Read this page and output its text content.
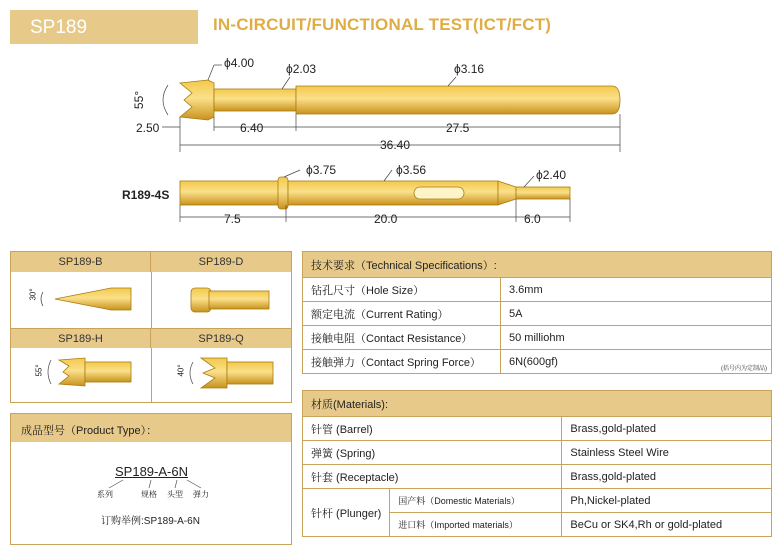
SP189	IN-CIRCUIT/FUNCTIONAL TEST(ICT/FCT)
ϕ4.00	ϕ2.03	ϕ3.16
55°
2.50	6.40	27.5
36.40
ϕ3.75	ϕ3.56	ϕ2.40
R189-4S
7.5	20.0	6.0
SP189-B	SP189-D
SP189-H	SP189-Q
30°
55°	40°
成品型号（Product Type）：
SP189-A-6N
系列	规格 头型 弹力
订购举例:SP189-A-6N
技术要求（Technical Specifications）:	
钻孔尺寸（Hole Size）	3.6mm
额定电流（Current Rating）	5A
接触电阻（Contact Resistance）	50 milliohm
接触弹力（Contact Spring Force）	6N(600gf)
(括号内为定制品)
材质(Materials):		
针管 (Barrel)		Brass,gold-plated
弹簧 (Spring)		Stainless Steel Wire
针套 (Receptacle)		Brass,gold-plated
针杆 (Plunger)	国产料（Domestic Materials）	Ph,Nickel-plated
	进口料（Imported materials）	BeCu or SK4,Rh or gold-plated
